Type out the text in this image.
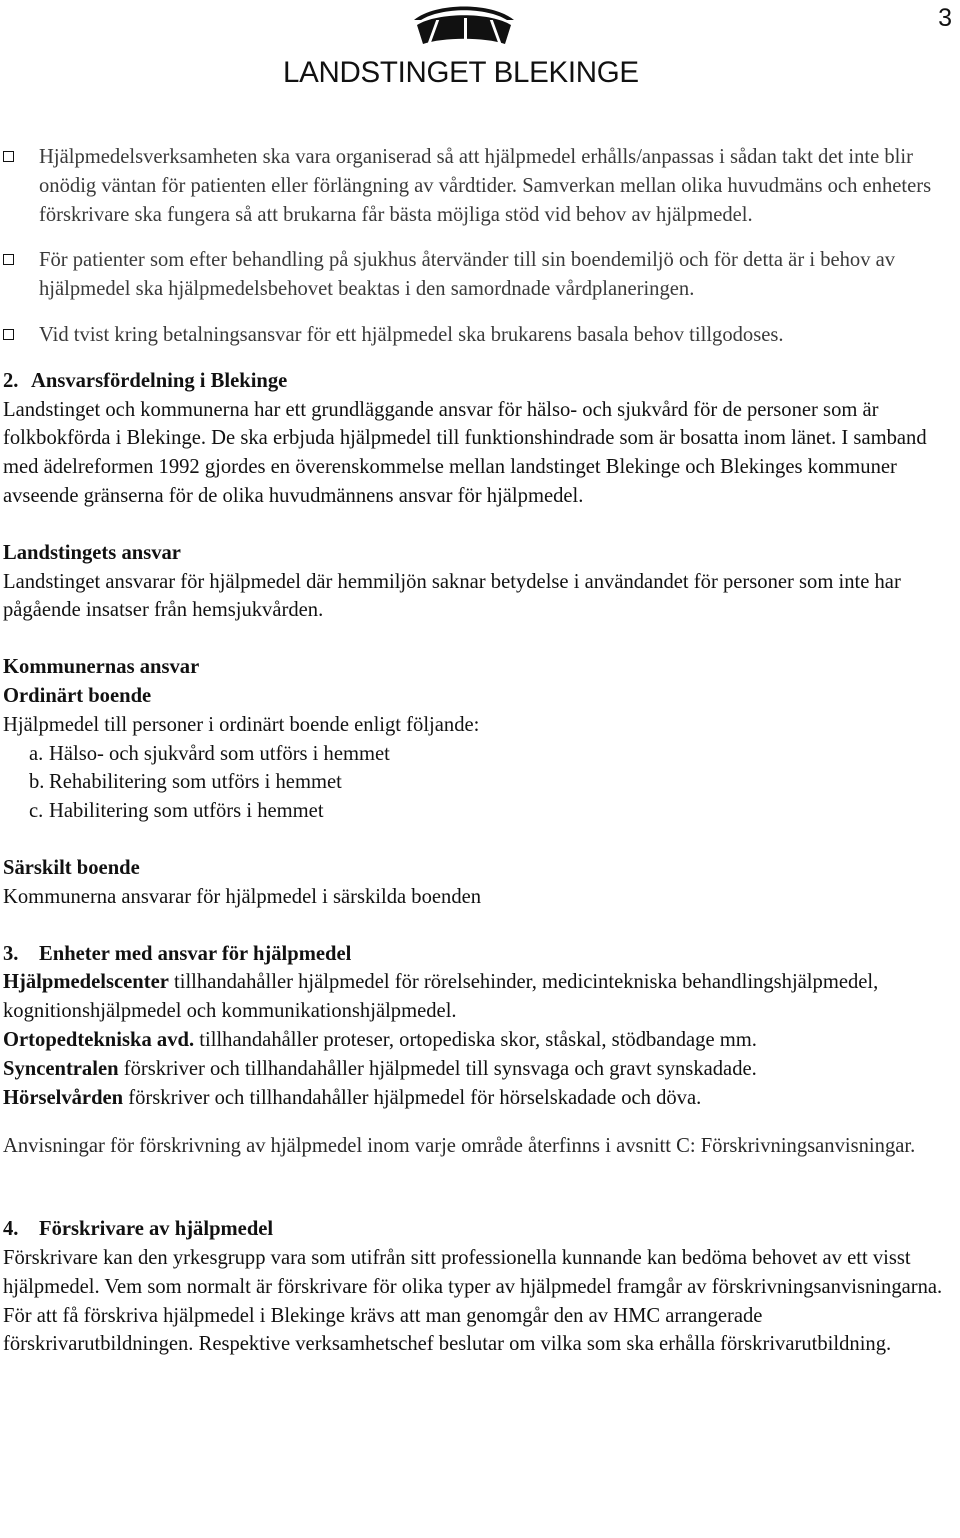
3
LANDSTINGET BLEKINGE
Hjälpmedelsverksamheten ska vara organiserad så att hjälpmedel erhålls/anpassas i sådan takt det inte blir onödig väntan för patienten eller förlängning av vårdtider. Samverkan mellan olika huvudmäns och enheters förskrivare ska fungera så att brukarna får bästa möjliga stöd vid behov av hjälpmedel.
För patienter som efter behandling på sjukhus återvänder till sin boendemiljö och för detta är i behov av hjälpmedel ska hjälpmedelsbehovet beaktas i den samordnade vårdplaneringen.
Vid tvist kring betalningsansvar för ett hjälpmedel ska brukarens basala behov tillgodoses.
2. Ansvarsfördelning i Blekinge

Landstinget och kommunerna har ett grundläggande ansvar för hälso- och sjukvård för de personer som är folkbokförda i Blekinge. De ska erbjuda hjälpmedel till funktionshindrade som är bosatta inom länet. I samband med ädelreformen 1992 gjordes en överenskommelse mellan landstinget Blekinge och Blekinges kommuner avseende gränserna för de olika huvudmännens ansvar för hjälpmedel.

Landstingets ansvar

Landstinget ansvarar för hjälpmedel där hemmiljön saknar betydelse i användandet för personer som inte har pågående insatser från hemsjukvården.

Kommunernas ansvar
Ordinärt boende

Hjälpmedel till personer i ordinärt boende enligt följande:

a. Hälso- och sjukvård som utförs i hemmet
b. Rehabilitering som utförs i hemmet
c. Habilitering som utförs i hemmet
Särskilt boende

Kommunerna ansvarar för hjälpmedel i särskilda boenden

3. Enheter med ansvar för hjälpmedel

Hjälpmedelscenter tillhandahåller hjälpmedel för rörelsehinder, medicintekniska behandlingshjälpmedel, kognitionshjälpmedel och kommunikationshjälpmedel.

Ortopedtekniska avd. tillhandahåller proteser, ortopediska skor, ståskal, stödbandage mm.

Syncentralen förskriver och tillhandahåller hjälpmedel till synsvaga och gravt synskadade.

Hörselvården förskriver och tillhandahåller hjälpmedel för hörselskadade och döva.

Anvisningar för förskrivning av hjälpmedel inom varje område återfinns i avsnitt C: Förskrivningsanvisningar.

4. Förskrivare av hjälpmedel

Förskrivare kan den yrkesgrupp vara som utifrån sitt professionella kunnande kan bedöma behovet av ett visst hjälpmedel. Vem som normalt är förskrivare för olika typer av hjälpmedel framgår av förskrivningsanvisningarna. För att få förskriva hjälpmedel i Blekinge krävs att man genomgår den av HMC arrangerade förskrivarutbildningen. Respektive verksamhetschef beslutar om vilka som ska erhålla förskrivarutbildning.
